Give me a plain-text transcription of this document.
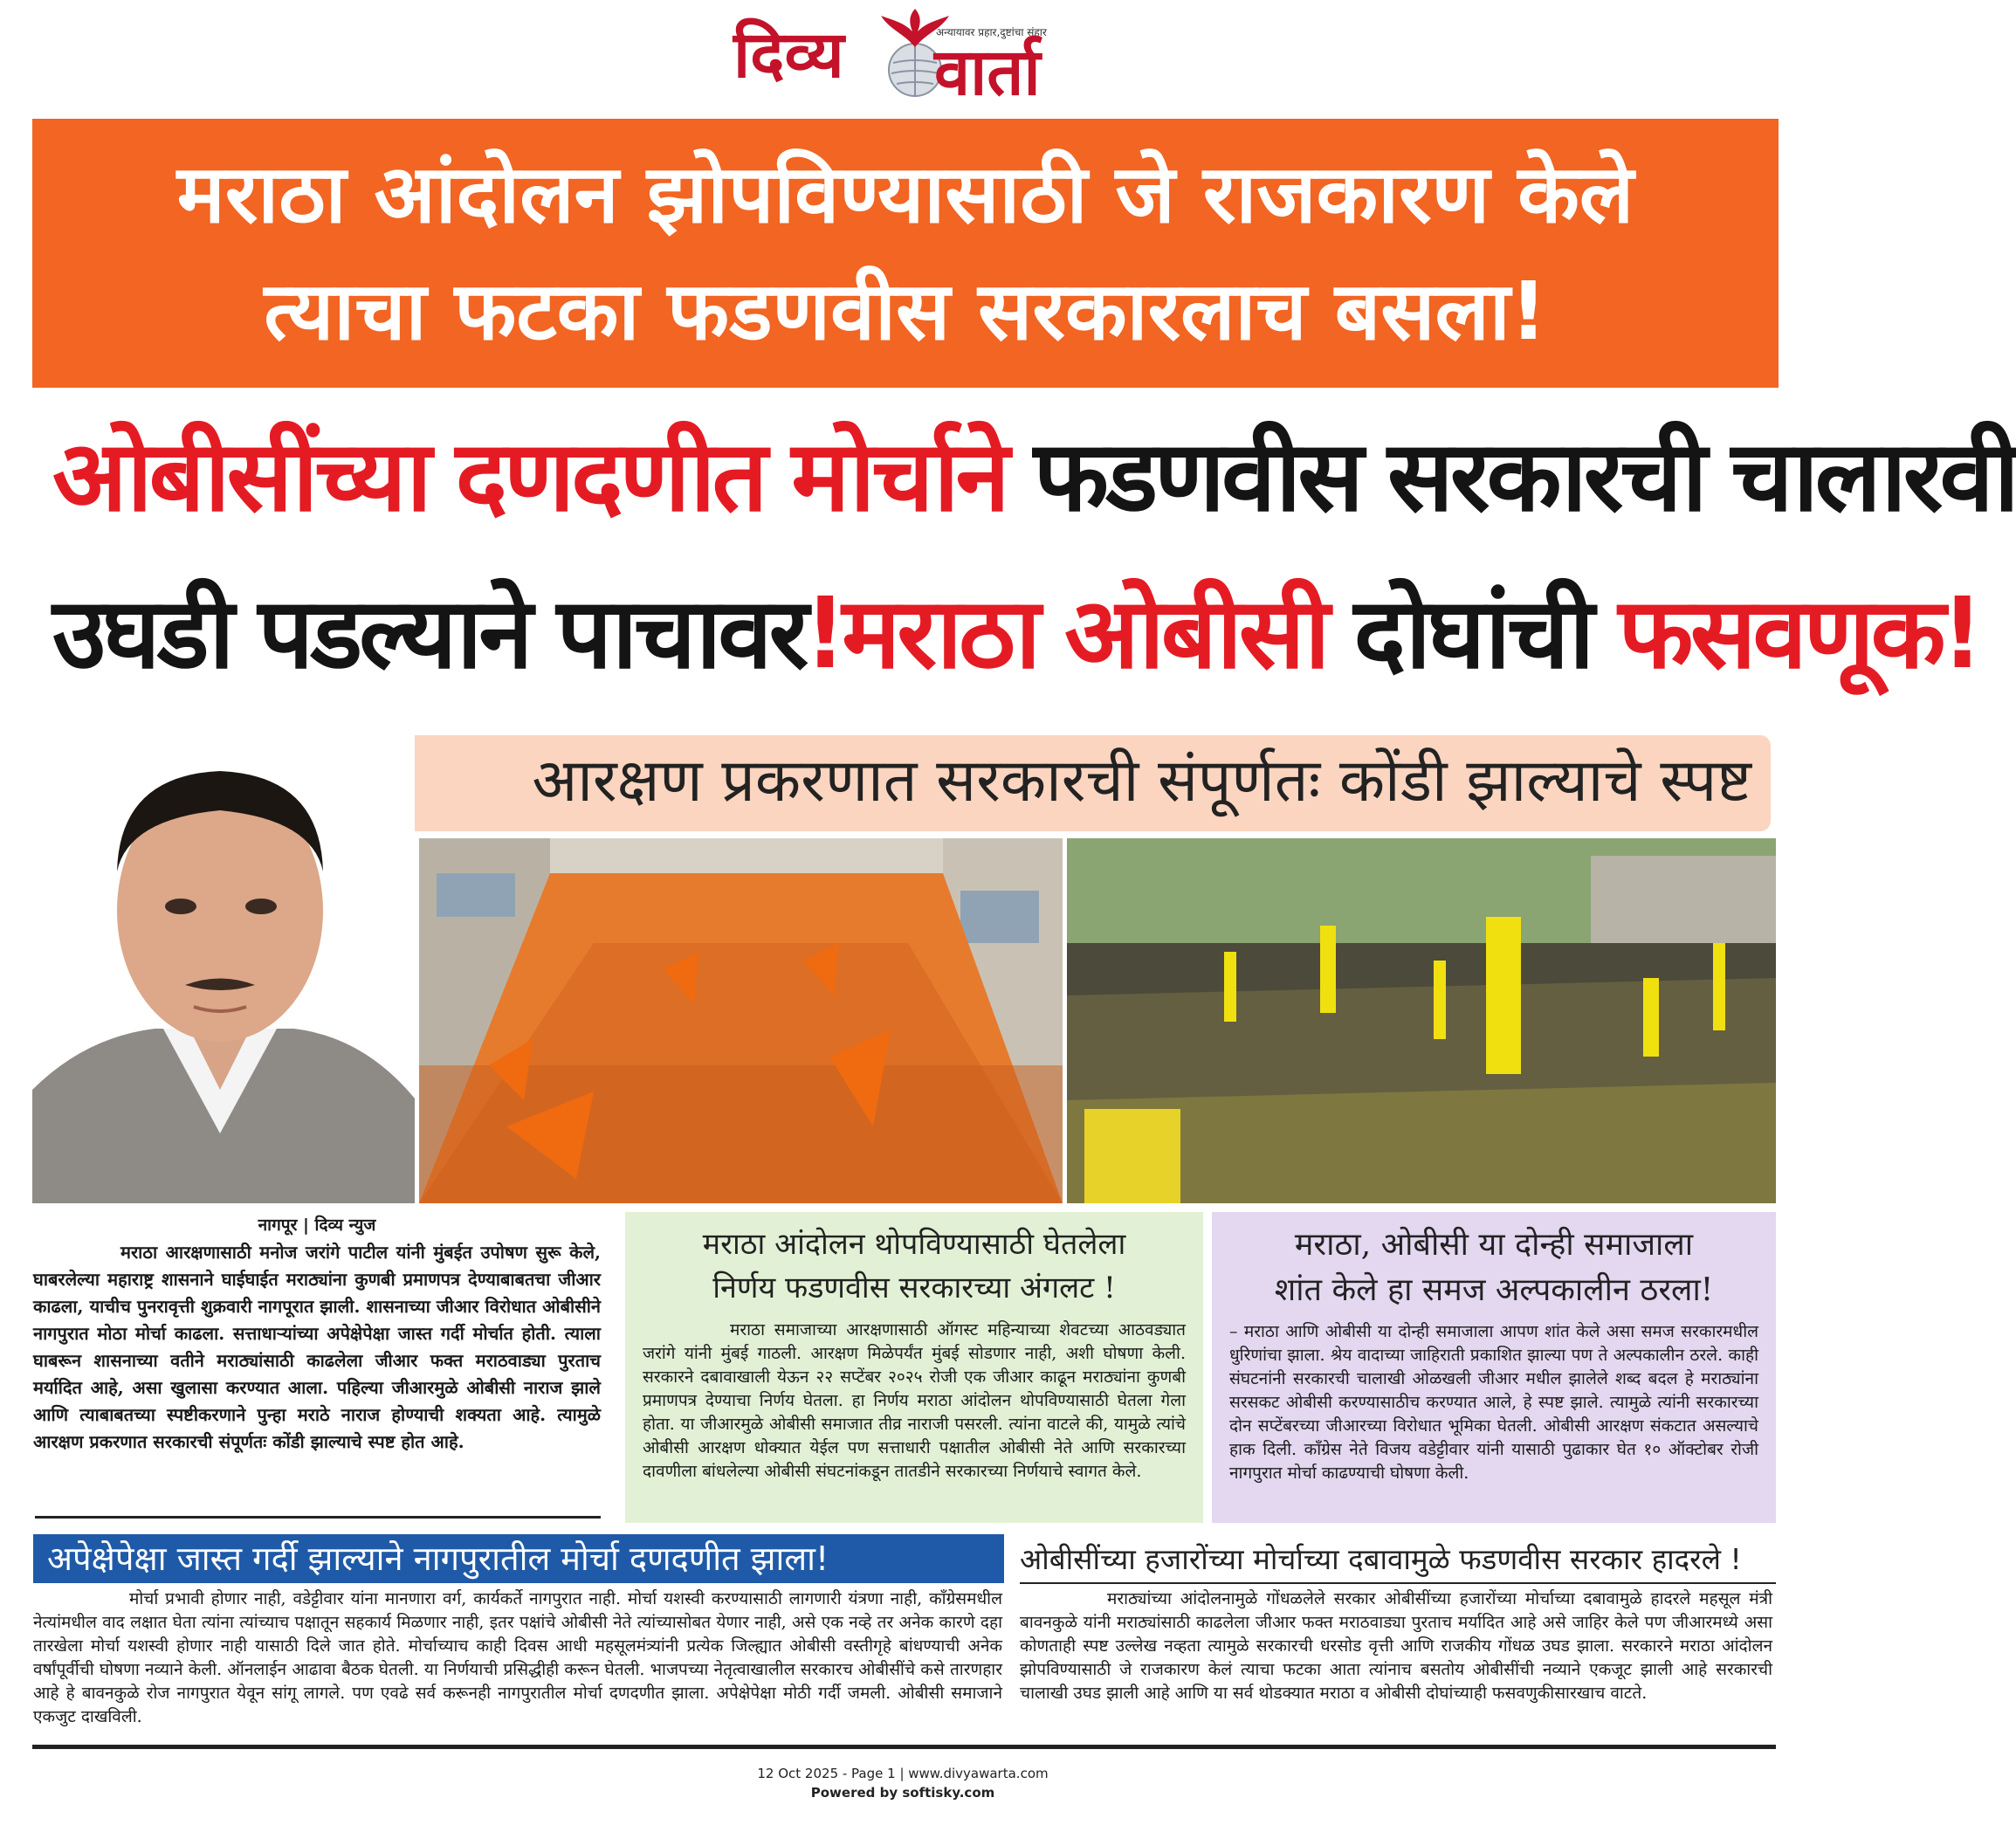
दिव्य	अन्यायावर प्रहार,दुष्टांचा संहार
वार्ता
मराठा आंदोलन झोपविण्यासाठी जे राजकारण केले
त्याचा फटका फडणवीस सरकारलाच बसला!
ओबीसींच्या दणदणीत मोर्चाने फडणवीस सरकारची चालारवी
उघडी पडल्याने पाचावर!मराठा ओबीसी दोघांची फसवणूक!
आरक्षण प्रकरणात सरकारची संपूर्णतः कोंडी झाल्याचे स्पष्ट
नागपूर | दिव्य न्युज
मराठा आरक्षणासाठी मनोज जरांगे पाटील यांनी मुंबईत उपोषण सुरू केले, घाबरलेल्या महाराष्ट्र शासनाने घाईघाईत मराठ्यांना कुणबी प्रमाणपत्र देण्याबाबतचा जीआर काढला, याचीच पुनरावृत्ती शुक्रवारी नागपूरात झाली. शासनाच्या जीआर विरोधात ओबीसीने नागपुरात मोठा मोर्चा काढला. सत्ताधाऱ्यांच्या अपेक्षेपेक्षा जास्त गर्दी मोर्चात होती. त्याला घाबरून शासनाच्या वतीने मराठ्यांसाठी काढलेला जीआर फक्त मराठवाड्या पुरताच मर्यादित आहे, असा खुलासा करण्यात आला. पहिल्या जीआरमुळे ओबीसी नाराज झाले आणि त्याबाबतच्या स्पष्टीकरणाने पुन्हा मराठे नाराज होण्याची शक्यता आहे. त्यामुळे आरक्षण प्रकरणात सरकारची संपूर्णतः कोंडी झाल्याचे स्पष्ट होत आहे.
मराठा आंदोलन थोपविण्यासाठी घेतलेला
निर्णय फडणवीस सरकारच्या अंगलट !
मराठा समाजाच्या आरक्षणासाठी ऑगस्ट महिन्याच्या शेवटच्या आठवड्यात जरांगे यांनी मुंबई गाठली. आरक्षण मिळेपर्यंत मुंबई सोडणार नाही, अशी घोषणा केली. सरकारने दबावाखाली येऊन २२ सप्टेंबर २०२५ रोजी एक जीआर काढून मराठ्यांना कुणबी प्रमाणपत्र देण्याचा निर्णय घेतला. हा निर्णय मराठा आंदोलन थोपविण्यासाठी घेतला गेला होता. या जीआरमुळे ओबीसी समाजात तीव्र नाराजी पसरली. त्यांना वाटले की, यामुळे त्यांचे ओबीसी आरक्षण धोक्यात येईल पण सत्ताधारी पक्षातील ओबीसी नेते आणि सरकारच्या दावणीला बांधलेल्या ओबीसी संघटनांकडून तातडीने सरकारच्या निर्णयाचे स्वागत केले.
मराठा, ओबीसी या दोन्ही समाजाला
शांत केले हा समज अल्पकालीन ठरला!
– मराठा आणि ओबीसी या दोन्ही समाजाला आपण शांत केले असा समज सरकारमधील धुरिणांचा झाला. श्रेय वादाच्या जाहिराती प्रकाशित झाल्या पण ते अल्पकालीन ठरले. काही संघटनांनी सरकारची चालाखी ओळखली जीआर मधील झालेले शब्द बदल हे मराठ्यांना सरसकट ओबीसी करण्यासाठीच करण्यात आले, हे स्पष्ट झाले. त्यामुळे त्यांनी सरकारच्या दोन सप्टेंबरच्या जीआरच्या विरोधात भूमिका घेतली. ओबीसी आरक्षण संकटात असल्याचे हाक दिली. काँग्रेस नेते विजय वडेट्टीवार यांनी यासाठी पुढाकार घेत १० ऑक्टोबर रोजी नागपुरात मोर्चा काढण्याची घोषणा केली.
अपेक्षेपेक्षा जास्त गर्दी झाल्याने नागपुरातील मोर्चा दणदणीत झाला!
मोर्चा प्रभावी होणार नाही, वडेट्टीवार यांना मानणारा वर्ग, कार्यकर्ते नागपुरात नाही. मोर्चा यशस्वी करण्यासाठी लागणारी यंत्रणा नाही, काँग्रेसमधील नेत्यांमधील वाद लक्षात घेता त्यांना त्यांच्याच पक्षातून सहकार्य मिळणार नाही, इतर पक्षांचे ओबीसी नेते त्यांच्यासोबत येणार नाही, असे एक नव्हे तर अनेक कारणे दहा तारखेला मोर्चा यशस्वी होणार नाही यासाठी दिले जात होते. मोर्चाच्याच काही दिवस आधी महसूलमंत्र्यांनी प्रत्येक जिल्ह्यात ओबीसी वस्तीगृहे बांधण्याची अनेक वर्षांपूर्वीची घोषणा नव्याने केली. ऑनलाईन आढावा बैठक घेतली. या निर्णयाची प्रसिद्धीही करून घेतली. भाजपच्या नेतृत्वाखालील सरकारच ओबीसींचे कसे तारणहार आहे हे बावनकुळे रोज नागपुरात येवून सांगू लागले. पण एवढे सर्व करूनही नागपुरातील मोर्चा दणदणीत झाला. अपेक्षेपेक्षा मोठी गर्दी जमली. ओबीसी समाजाने एकजुट दाखविली.
ओबीसींच्या हजारोंच्या मोर्चाच्या दबावामुळे फडणवीस सरकार हादरले !
मराठ्यांच्या आंदोलनामुळे गोंधळलेले सरकार ओबीसींच्या हजारोंच्या मोर्चाच्या दबावामुळे हादरले महसूल मंत्री बावनकुळे यांनी मराठ्यांसाठी काढलेला जीआर फक्त मराठवाड्या पुरताच मर्यादित आहे असे जाहिर केले पण जीआरमध्ये असा कोणताही स्पष्ट उल्लेख नव्हता त्यामुळे सरकारची धरसोड वृत्ती आणि राजकीय गोंधळ उघड झाला. सरकारने मराठा आंदोलन झोपविण्यासाठी जे राजकारण केलं त्याचा फटका आता त्यांनाच बसतोय ओबीसींची नव्याने एकजूट झाली आहे सरकारची चालाखी उघड झाली आहे आणि या सर्व थोडक्यात मराठा व ओबीसी दोघांच्याही फसवणुकीसारखाच वाटते.
12 Oct 2025 - Page 1 | www.divyawarta.com
Powered by softisky.com
